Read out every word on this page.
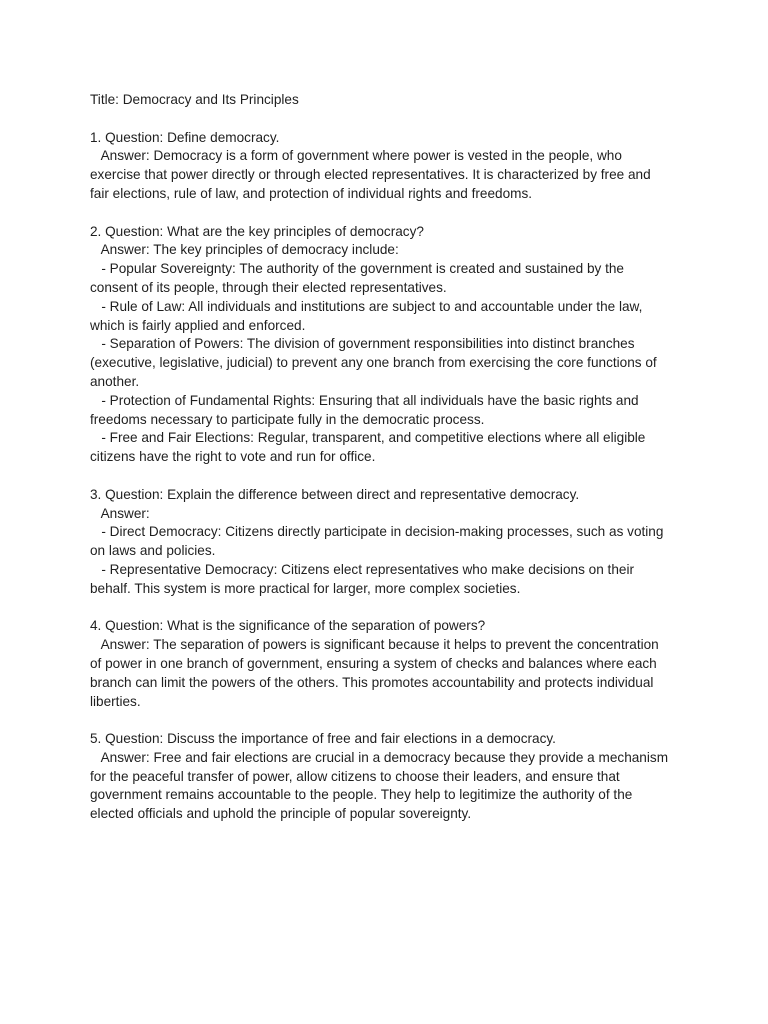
Title: Democracy and Its Principles
1. Question: Define democracy.
Answer: Democracy is a form of government where power is vested in the people, who
exercise that power directly or through elected representatives. It is characterized by free and
fair elections, rule of law, and protection of individual rights and freedoms.
2. Question: What are the key principles of democracy?
Answer: The key principles of democracy include:
- Popular Sovereignty: The authority of the government is created and sustained by the
consent of its people, through their elected representatives.
- Rule of Law: All individuals and institutions are subject to and accountable under the law,
which is fairly applied and enforced.
- Separation of Powers: The division of government responsibilities into distinct branches
(executive, legislative, judicial) to prevent any one branch from exercising the core functions of
another.
- Protection of Fundamental Rights: Ensuring that all individuals have the basic rights and
freedoms necessary to participate fully in the democratic process.
- Free and Fair Elections: Regular, transparent, and competitive elections where all eligible
citizens have the right to vote and run for office.
3. Question: Explain the difference between direct and representative democracy.
Answer:
- Direct Democracy: Citizens directly participate in decision-making processes, such as voting
on laws and policies.
- Representative Democracy: Citizens elect representatives who make decisions on their
behalf. This system is more practical for larger, more complex societies.
4. Question: What is the significance of the separation of powers?
Answer: The separation of powers is significant because it helps to prevent the concentration
of power in one branch of government, ensuring a system of checks and balances where each
branch can limit the powers of the others. This promotes accountability and protects individual
liberties.
5. Question: Discuss the importance of free and fair elections in a democracy.
Answer: Free and fair elections are crucial in a democracy because they provide a mechanism
for the peaceful transfer of power, allow citizens to choose their leaders, and ensure that
government remains accountable to the people. They help to legitimize the authority of the
elected officials and uphold the principle of popular sovereignty.
